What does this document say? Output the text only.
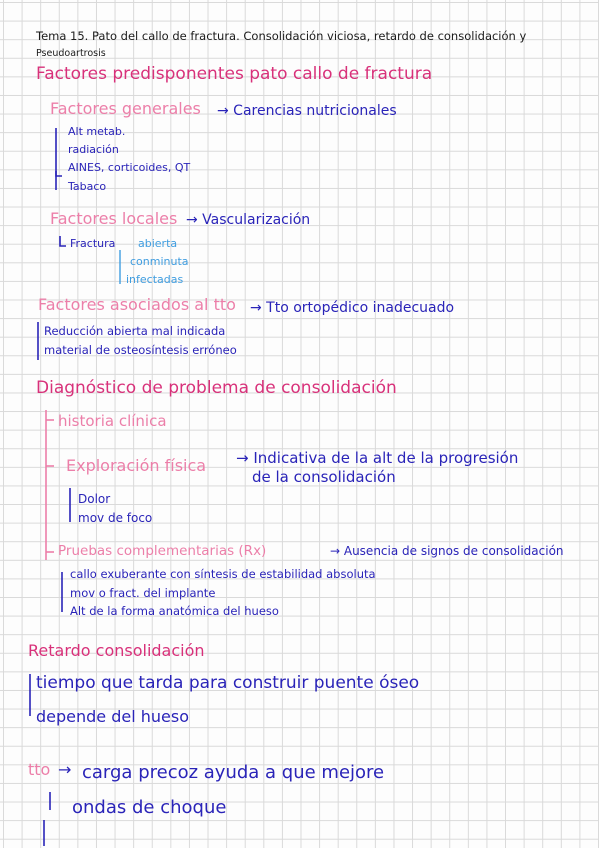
Tema 15. Pato del callo de fractura. Consolidación viciosa, retardo de consolidación y
Pseudoartrosis
Factores predisponentes pato callo de fractura
Factores generales → Carencias nutricionales
Alt metab.
radiación
AINES, corticoides, QT
Tabaco
Factores locales → Vascularización
Fractura abierta
conminuta
infectadas
Factores asociados al tto → Tto ortopédico inadecuado
Reducción abierta mal indicada
material de osteosíntesis erróneo
Diagnóstico de problema de consolidación
historia clínica
Exploración física → Indicativa de la alt de la progresión
de la consolidación
Dolor
mov de foco
Pruebas complementarias (Rx)	→ Ausencia de signos de consolidación
callo exuberante con síntesis de estabilidad absoluta
mov o fract. del implante
Alt de la forma anatómica del hueso
Retardo consolidación
tiempo que tarda para construir puente óseo
depende del hueso
tto → carga precoz ayuda a que mejore
ondas de choque
